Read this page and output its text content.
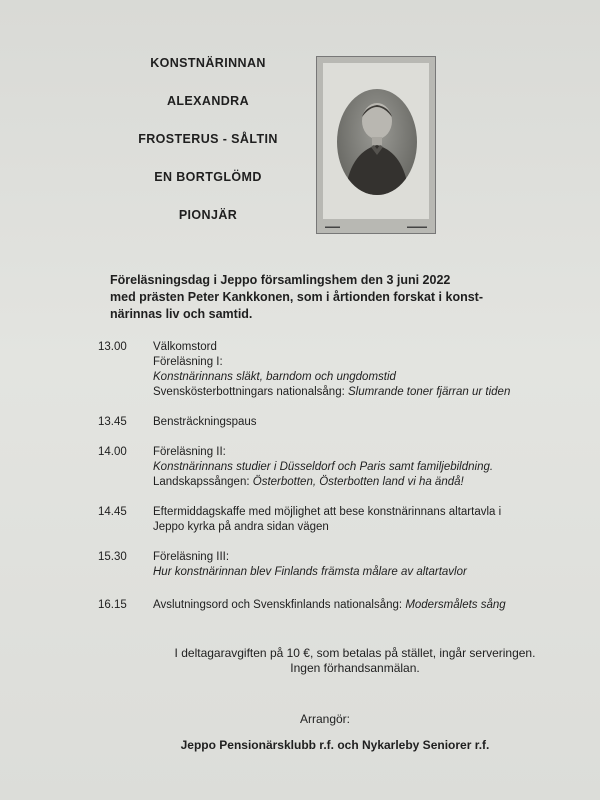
KONSTNÄRINNAN
ALEXANDRA
FROSTERUS - SÅLTIN
EN BORTGLÖMD
PIONJÄR
▬▬▬	▬▬▬▬
Föreläsningsdag i Jeppo församlingshem den 3 juni 2022
med prästen Peter Kankkonen, som i årtionden forskat i konst-
närinnas liv och samtid.
13.00	Välkomstord
Föreläsning I:
Konstnärinnans släkt, barndom och ungdomstid
Svenskösterbottningars nationalsång: Slumrande toner fjärran ur tiden
13.45	Bensträckningspaus
14.00	Föreläsning II:
Konstnärinnans studier i Düsseldorf och Paris samt familjebildning.
Landskapssången: Österbotten, Österbotten land vi ha ändå!
14.45	Eftermiddagskaffe med möjlighet att bese konstnärinnans altartavla i
Jeppo kyrka på andra sidan vägen
15.30	Föreläsning III:
Hur konstnärinnan blev Finlands främsta målare av altartavlor
16.15	Avslutningsord och Svenskfinlands nationalsång: Modersmålets sång
I deltagaravgiften på 10 €, som betalas på stället, ingår serveringen.
Ingen förhandsanmälan.
Arrangör:
Jeppo Pensionärsklubb r.f. och Nykarleby Seniorer r.f.
